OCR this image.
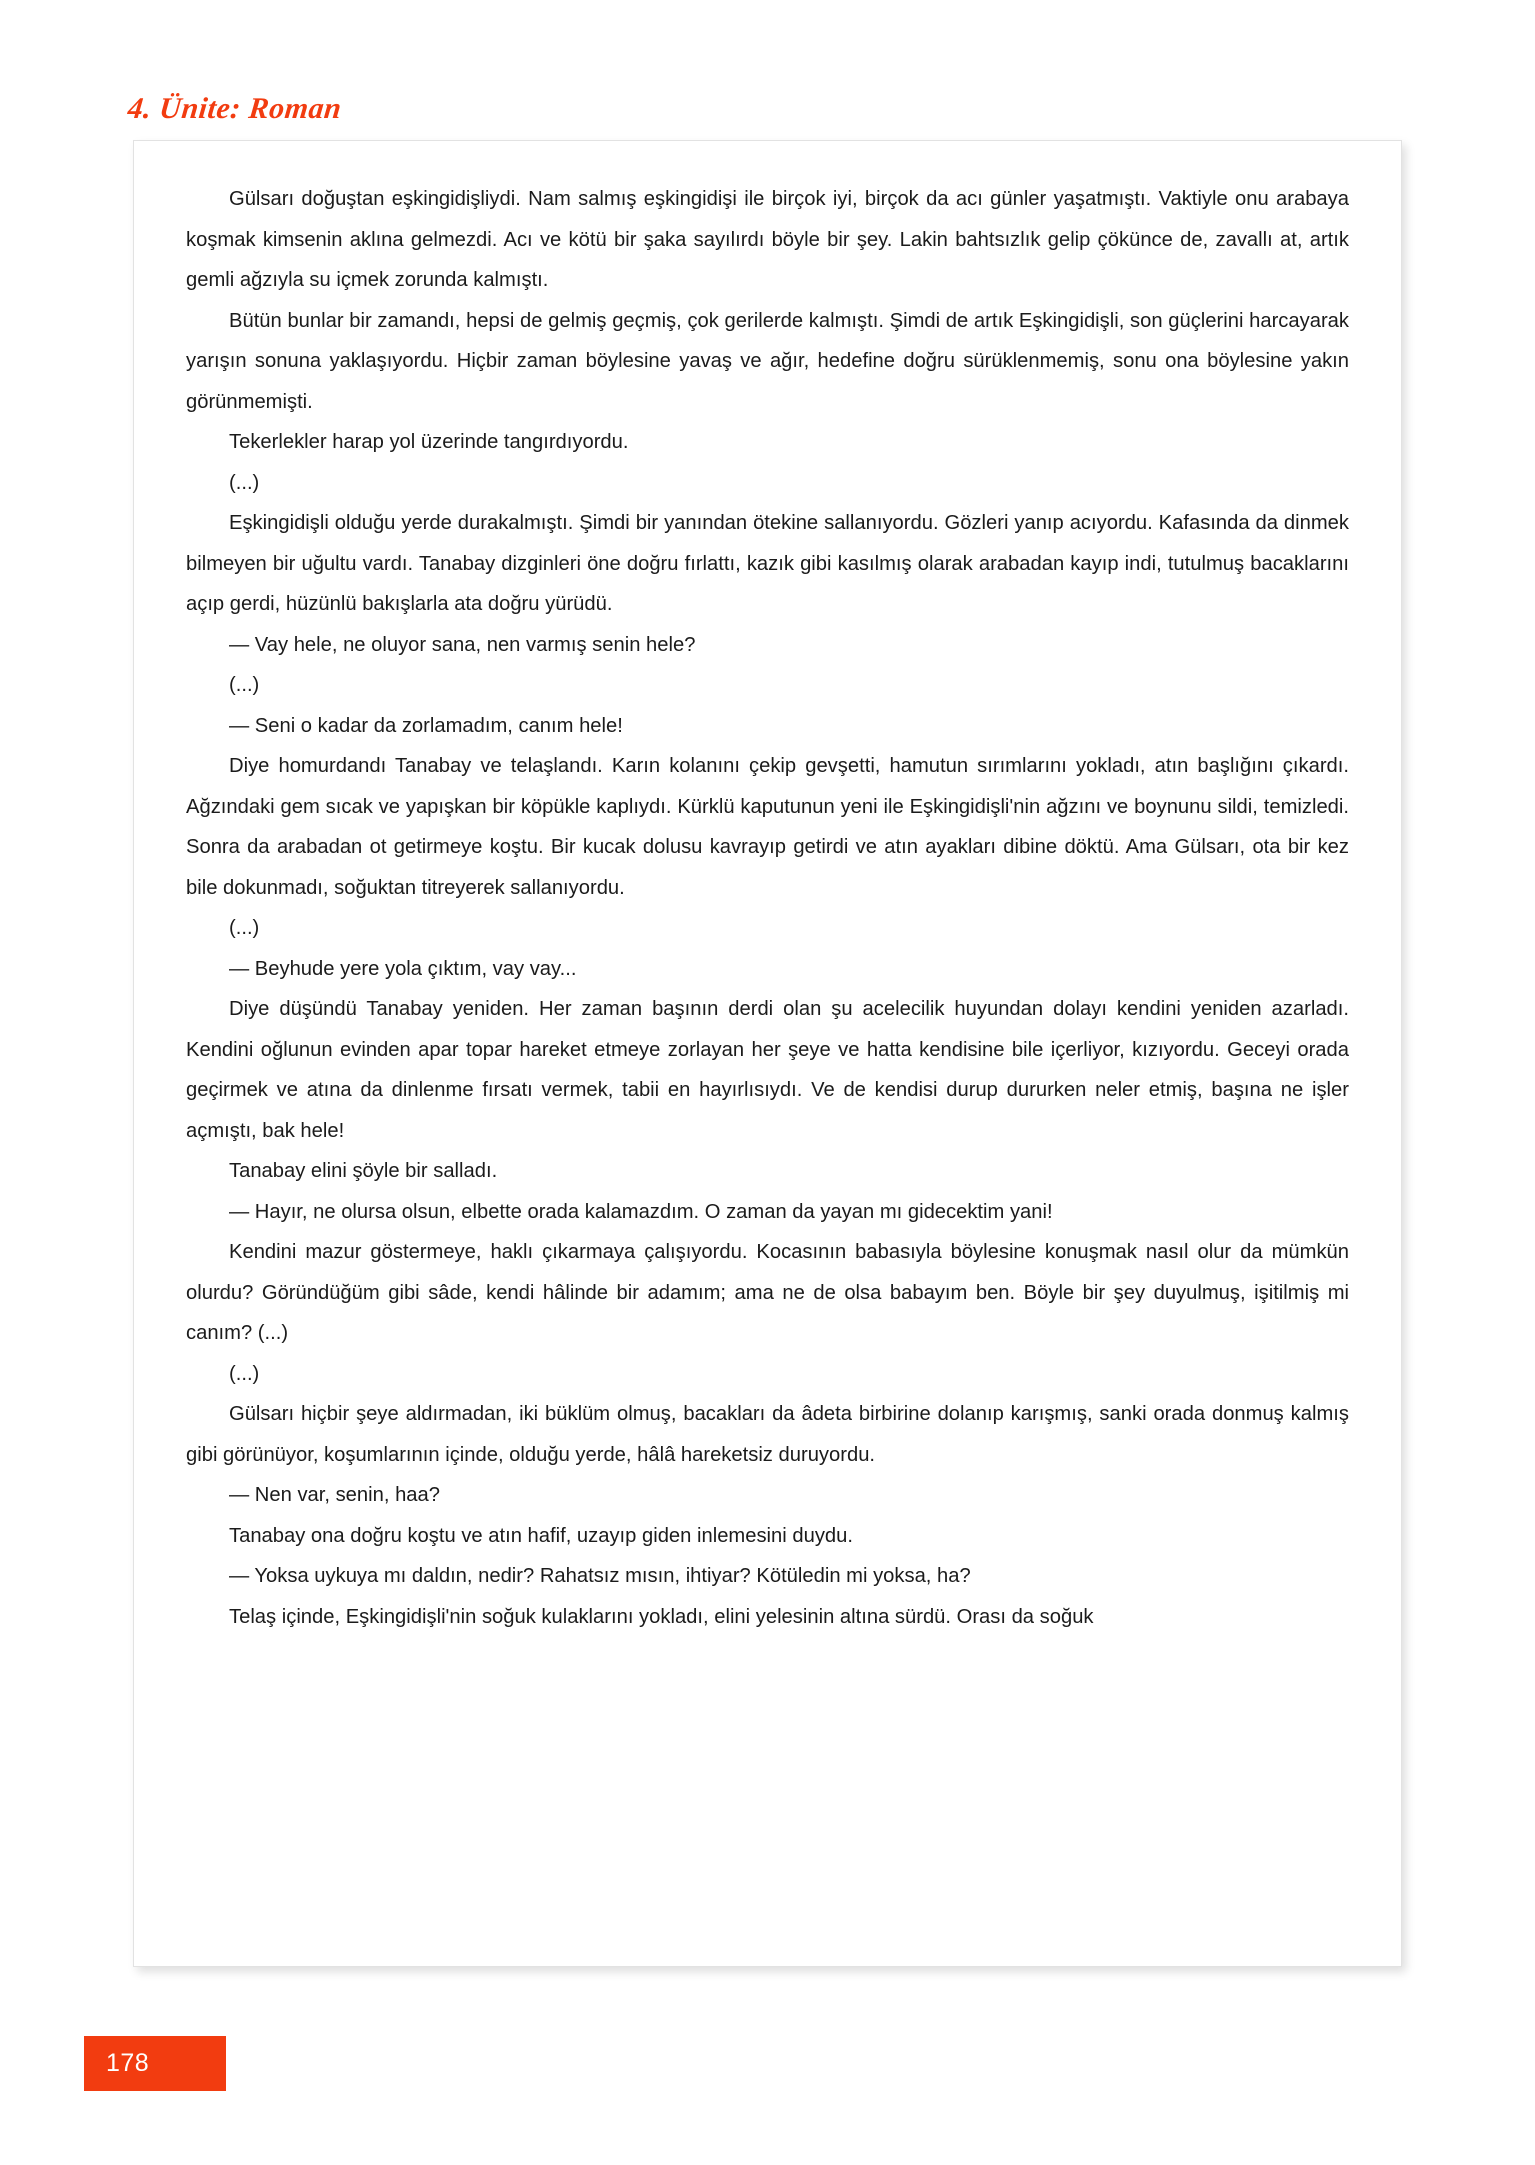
4. Ünite: Roman

Gülsarı doğuştan eşkingidişliydi. Nam salmış eşkingidişi ile birçok iyi, birçok da acı günler yaşatmıştı. Vaktiyle onu arabaya koşmak kimsenin aklına gelmezdi. Acı ve kötü bir şaka sayılırdı böyle bir şey. Lakin bahtsızlık gelip çökünce de, zavallı at, artık gemli ağzıyla su içmek zorunda kalmıştı.

Bütün bunlar bir zamandı, hepsi de gelmiş geçmiş, çok gerilerde kalmıştı. Şimdi de artık Eşkingidişli, son güçlerini harcayarak yarışın sonuna yaklaşıyordu. Hiçbir zaman böylesine yavaş ve ağır, hedefine doğru sürüklenmemiş, sonu ona böylesine yakın görünmemişti.

Tekerlekler harap yol üzerinde tangırdıyordu.

(...)

Eşkingidişli olduğu yerde durakalmıştı. Şimdi bir yanından ötekine sallanıyordu. Gözleri yanıp acıyordu. Kafasında da dinmek bilmeyen bir uğultu vardı. Tanabay dizginleri öne doğru fırlattı, kazık gibi kasılmış olarak arabadan kayıp indi, tutulmuş bacaklarını açıp gerdi, hüzünlü bakışlarla ata doğru yürüdü.

— Vay hele, ne oluyor sana, nen varmış senin hele?

(...)

— Seni o kadar da zorlamadım, canım hele!

Diye homurdandı Tanabay ve telaşlandı. Karın kolanını çekip gevşetti, hamutun sırımlarını yokladı, atın başlığını çıkardı. Ağzındaki gem sıcak ve yapışkan bir köpükle kaplıydı. Kürklü kaputunun yeni ile Eşkingidişli'nin ağzını ve boynunu sildi, temizledi. Sonra da arabadan ot getirmeye koştu. Bir kucak dolusu kavrayıp getirdi ve atın ayakları dibine döktü. Ama Gülsarı, ota bir kez bile dokunmadı, soğuktan titreyerek sallanıyordu.

(...)

— Beyhude yere yola çıktım, vay vay...

Diye düşündü Tanabay yeniden. Her zaman başının derdi olan şu acelecilik huyundan dolayı kendini yeniden azarladı. Kendini oğlunun evinden apar topar hareket etmeye zorlayan her şeye ve hatta kendisine bile içerliyor, kızıyordu. Geceyi orada geçirmek ve atına da dinlenme fırsatı vermek, tabii en hayırlısıydı. Ve de kendisi durup dururken neler etmiş, başına ne işler açmıştı, bak hele!

Tanabay elini şöyle bir salladı.

— Hayır, ne olursa olsun, elbette orada kalamazdım. O zaman da yayan mı gidecektim yani!

Kendini mazur göstermeye, haklı çıkarmaya çalışıyordu. Kocasının babasıyla böylesine konuşmak nasıl olur da mümkün olurdu? Göründüğüm gibi sâde, kendi hâlinde bir adamım; ama ne de olsa babayım ben. Böyle bir şey duyulmuş, işitilmiş mi canım? (...)

(...)

Gülsarı hiçbir şeye aldırmadan, iki büklüm olmuş, bacakları da âdeta birbirine dolanıp karışmış, sanki orada donmuş kalmış gibi görünüyor, koşumlarının içinde, olduğu yerde, hâlâ hareketsiz duruyordu.

— Nen var, senin, haa?

Tanabay ona doğru koştu ve atın hafif, uzayıp giden inlemesini duydu.

— Yoksa uykuya mı daldın, nedir? Rahatsız mısın, ihtiyar? Kötüledin mi yoksa, ha?

Telaş içinde, Eşkingidişli'nin soğuk kulaklarını yokladı, elini yelesinin altına sürdü. Orası da soğuk

178
